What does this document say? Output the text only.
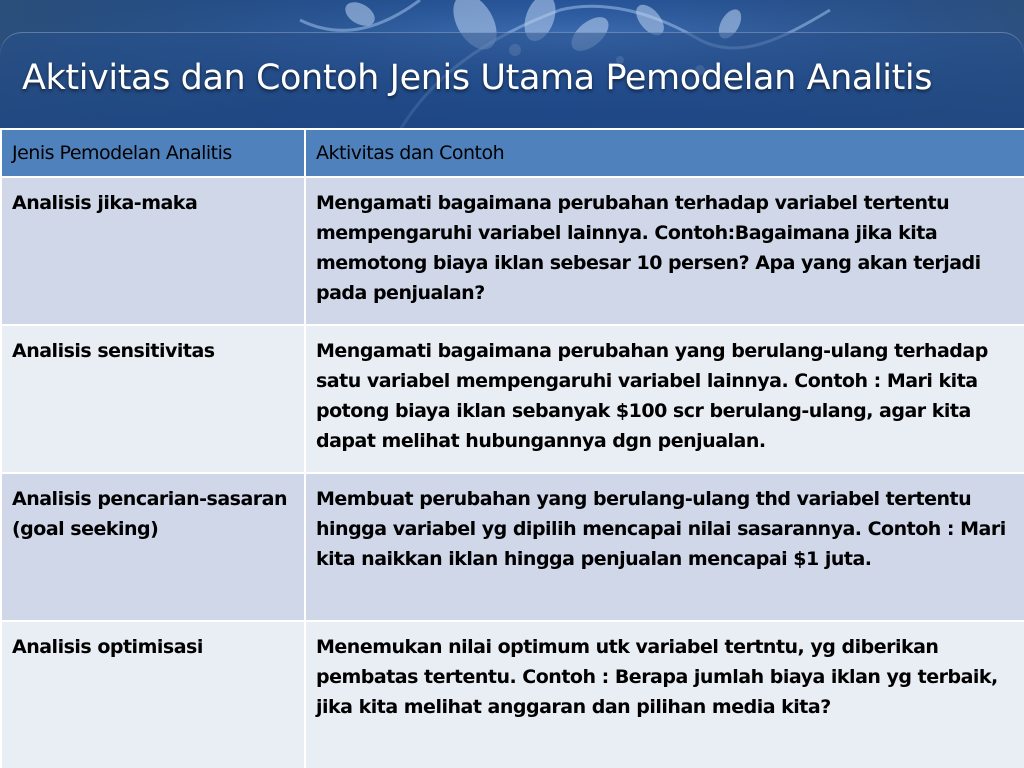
Aktivitas dan Contoh Jenis Utama Pemodelan Analitis
Jenis Pemodelan Analitis	Aktivitas dan Contoh
Analisis jika-maka	Mengamati bagaimana perubahan terhadap variabel tertentu mempengaruhi variabel lainnya. Contoh:Bagaimana jika kita memotong biaya iklan sebesar 10 persen? Apa yang akan terjadi pada penjualan?
Analisis sensitivitas	Mengamati bagaimana perubahan yang berulang-ulang terhadap satu variabel mempengaruhi variabel lainnya. Contoh : Mari kita potong biaya iklan sebanyak $100 scr berulang-ulang, agar kita dapat melihat hubungannya dgn penjualan.
Analisis pencarian-sasaran (goal seeking)	Membuat perubahan yang berulang-ulang thd variabel tertentu hingga variabel yg dipilih mencapai nilai sasarannya. Contoh : Mari kita naikkan iklan hingga penjualan mencapai $1 juta.
Analisis optimisasi	Menemukan nilai optimum utk variabel tertntu, yg diberikan pembatas tertentu. Contoh : Berapa jumlah biaya iklan yg terbaik, jika kita melihat anggaran dan pilihan media kita?
